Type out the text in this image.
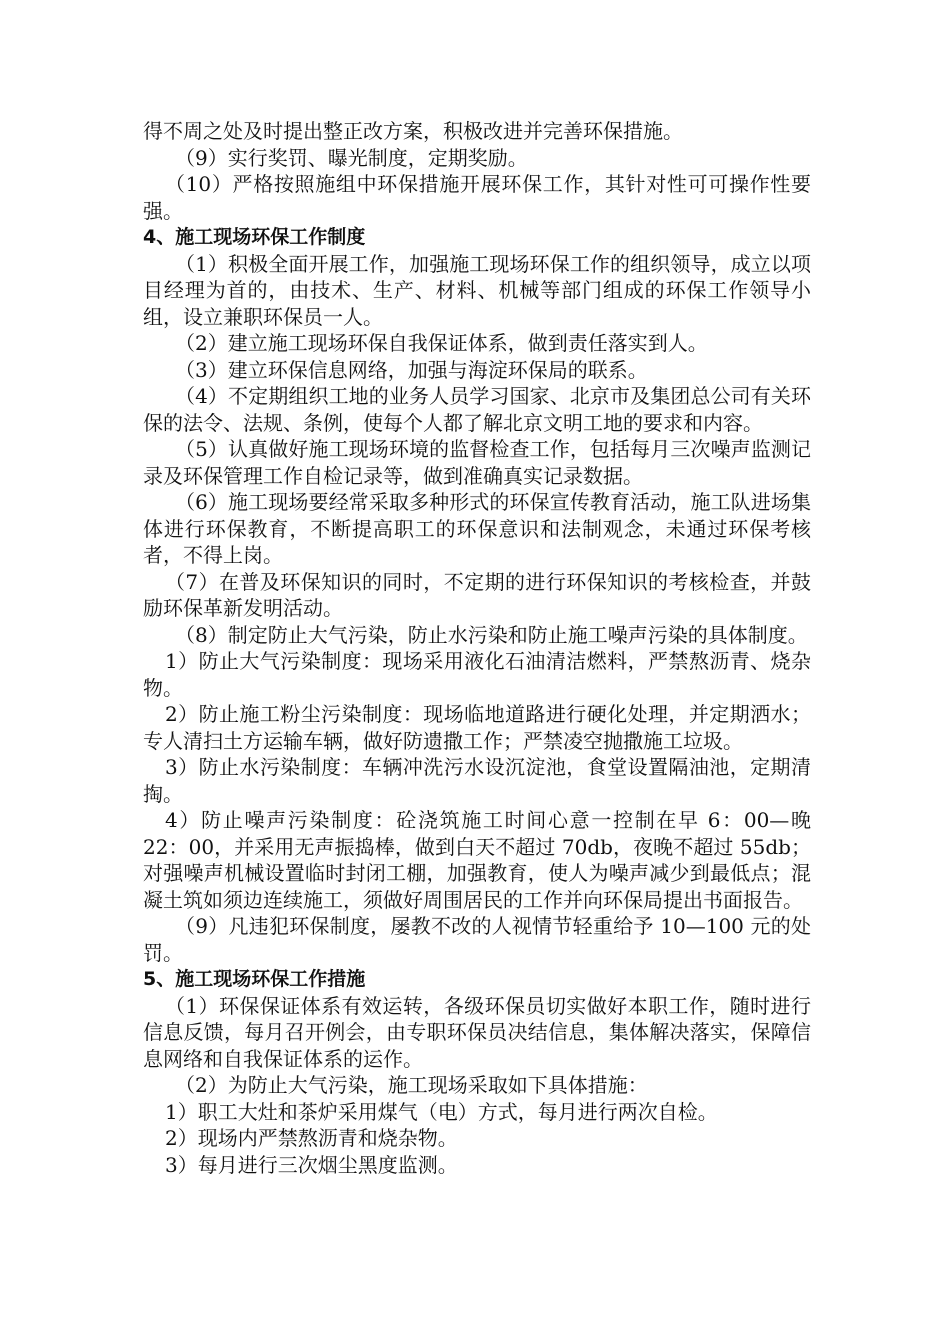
得不周之处及时提出整正改方案，积极改进并完善环保措施。

（9）实行奖罚、曝光制度，定期奖励。

（10）严格按照施组中环保措施开展环保工作，其针对性可可操作性要强。

4、施工现场环保工作制度

（1）积极全面开展工作，加强施工现场环保工作的组织领导，成立以项目经理为首的，由技术、生产、材料、机械等部门组成的环保工作领导小组，设立兼职环保员一人。

（2）建立施工现场环保自我保证体系，做到责任落实到人。

（3）建立环保信息网络，加强与海淀环保局的联系。

（4）不定期组织工地的业务人员学习国家、北京市及集团总公司有关环保的法令、法规、条例，使每个人都了解北京文明工地的要求和内容。

（5）认真做好施工现场环境的监督检查工作，包括每月三次噪声监测记录及环保管理工作自检记录等，做到准确真实记录数据。

（6）施工现场要经常采取多种形式的环保宣传教育活动，施工队进场集体进行环保教育，不断提高职工的环保意识和法制观念，未通过环保考核者，不得上岗。

（7）在普及环保知识的同时，不定期的进行环保知识的考核检查，并鼓励环保革新发明活动。

（8）制定防止大气污染，防止水污染和防止施工噪声污染的具体制度。

1）防止大气污染制度：现场采用液化石油清洁燃料，严禁熬沥青、烧杂物。

2）防止施工粉尘污染制度：现场临地道路进行硬化处理，并定期洒水；专人清扫土方运输车辆，做好防遗撒工作；严禁凌空抛撒施工垃圾。

3）防止水污染制度：车辆冲洗污水设沉淀池，食堂设置隔油池，定期清掏。

4）防止噪声污染制度：砼浇筑施工时间心意一控制在早 6：00—晚 22：00，并采用无声振捣棒，做到白天不超过 70db，夜晚不超过 55db；对强噪声机械设置临时封闭工棚，加强教育，使人为噪声减少到最低点；混凝土筑如须边连续施工，须做好周围居民的工作并向环保局提出书面报告。

（9）凡违犯环保制度，屡教不改的人视情节轻重给予 10—100 元的处罚。

5、施工现场环保工作措施

（1）环保保证体系有效运转，各级环保员切实做好本职工作，随时进行信息反馈，每月召开例会，由专职环保员决结信息，集体解决落实，保障信息网络和自我保证体系的运作。

（2）为防止大气污染，施工现场采取如下具体措施：

1）职工大灶和茶炉采用煤气（电）方式，每月进行两次自检。

2）现场内严禁熬沥青和烧杂物。

3）每月进行三次烟尘黑度监测。
